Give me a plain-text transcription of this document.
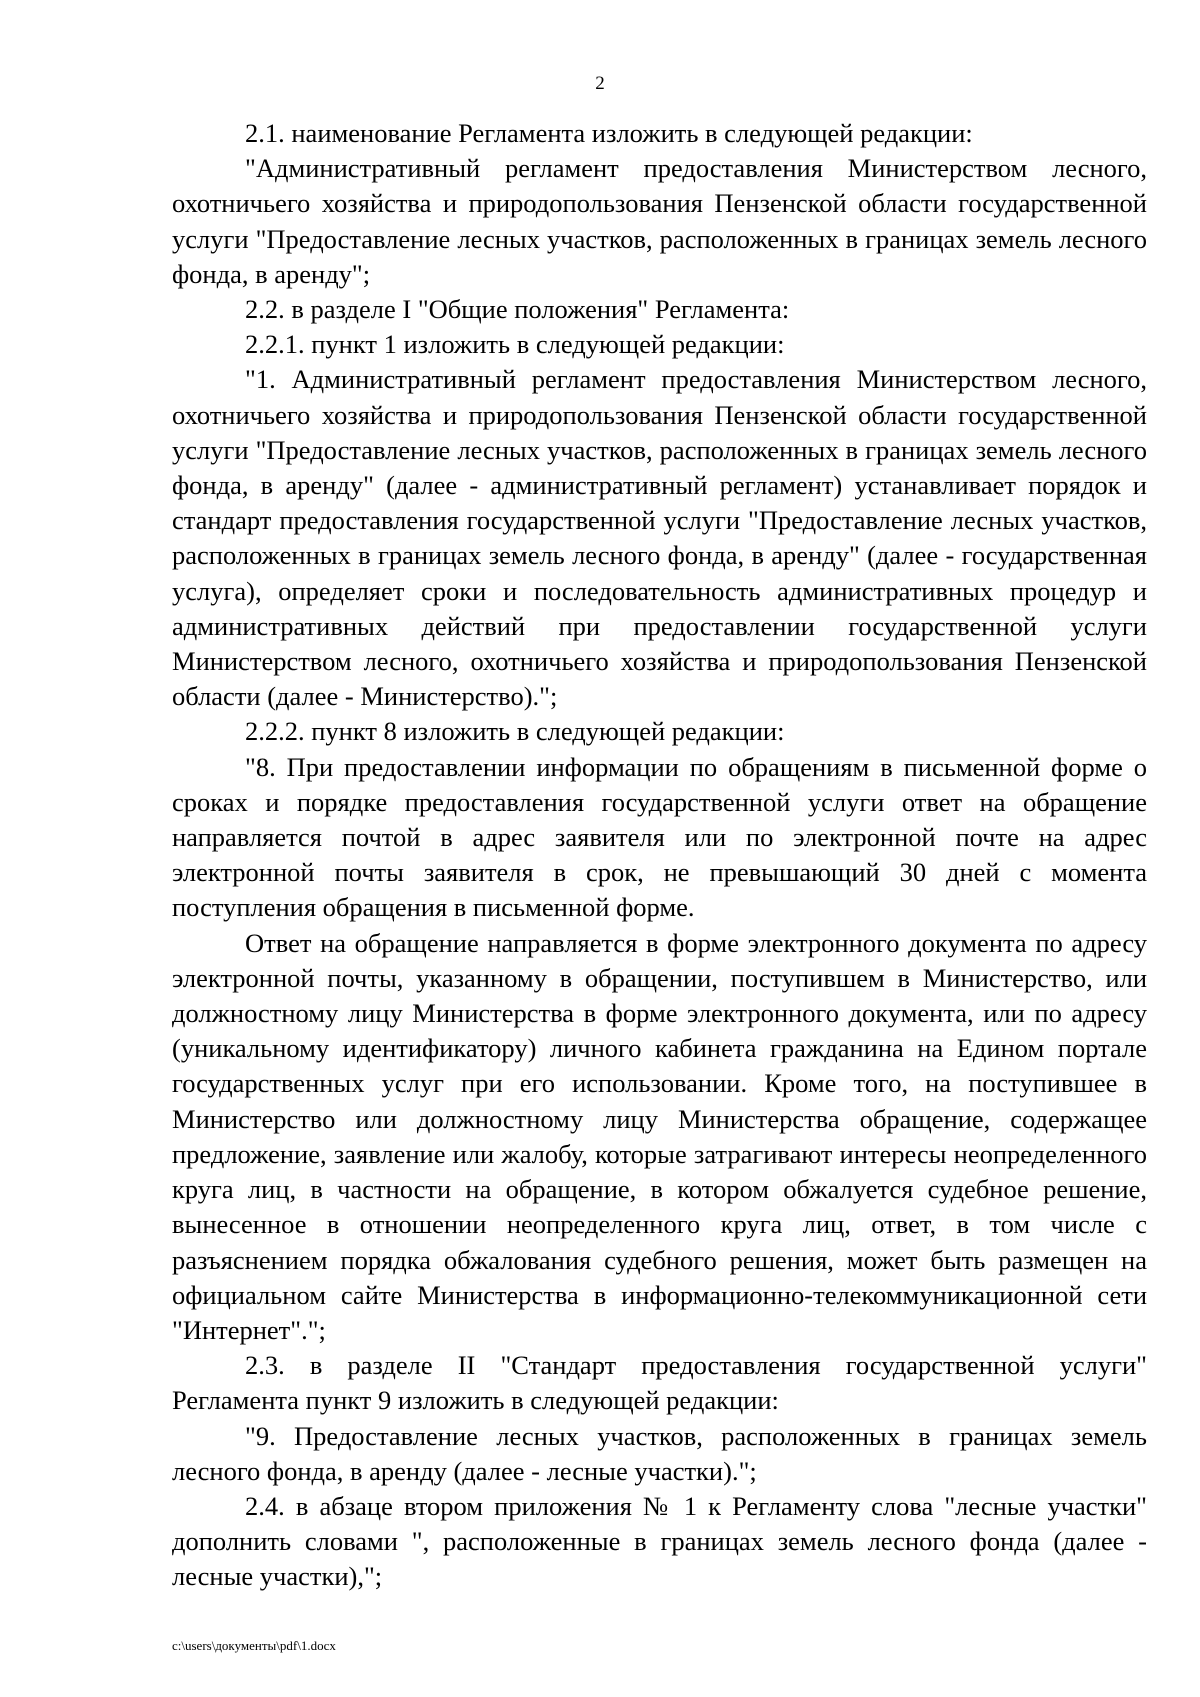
2

2.1. наименование Регламента изложить в следующей редакции:

"Административный регламент предоставления Министерством лесного, охотничьего хозяйства и природопользования Пензенской области государственной услуги "Предоставление лесных участков, расположенных в границах земель лесного фонда, в аренду";

2.2. в разделе I "Общие положения" Регламента:

2.2.1. пункт 1 изложить в следующей редакции:

"1. Административный регламент предоставления Министерством лесного, охотничьего хозяйства и природопользования Пензенской области государственной услуги "Предоставление лесных участков, расположенных в границах земель лесного фонда, в аренду" (далее - административный регламент) устанавливает порядок и стандарт предоставления государственной услуги "Предоставление лесных участков, расположенных в границах земель лесного фонда, в аренду" (далее - государственная услуга), определяет сроки и последовательность административных процедур и административных действий при предоставлении государственной услуги Министерством лесного, охотничьего хозяйства и природопользования Пензенской области (далее - Министерство).";

2.2.2. пункт 8 изложить в следующей редакции:

"8. При предоставлении информации по обращениям в письменной форме о сроках и порядке предоставления государственной услуги ответ на обращение направляется почтой в адрес заявителя или по электронной почте на адрес электронной почты заявителя в срок, не превышающий 30 дней с момента поступления обращения в письменной форме.

Ответ на обращение направляется в форме электронного документа по адресу электронной почты, указанному в обращении, поступившем в Министерство, или должностному лицу Министерства в форме электронного документа, или по адресу (уникальному идентификатору) личного кабинета гражданина на Едином портале государственных услуг при его использовании. Кроме того, на поступившее в Министерство или должностному лицу Министерства обращение, содержащее предложение, заявление или жалобу, которые затрагивают интересы неопределенного круга лиц, в частности на обращение, в котором обжалуется судебное решение, вынесенное в отношении неопределенного круга лиц, ответ, в том числе с разъяснением порядка обжалования судебного решения, может быть размещен на официальном сайте Министерства в информационно-телекоммуникационной сети "Интернет".";

2.3. в разделе II "Стандарт предоставления государственной услуги" Регламента пункт 9 изложить в следующей редакции:

"9. Предоставление лесных участков, расположенных в границах земель лесного фонда, в аренду (далее - лесные участки).";

2.4. в абзаце втором приложения № 1 к Регламенту слова "лесные участки" дополнить словами ", расположенные в границах земель лесного фонда (далее - лесные участки),";

c:\users\документы\pdf\1.docx
